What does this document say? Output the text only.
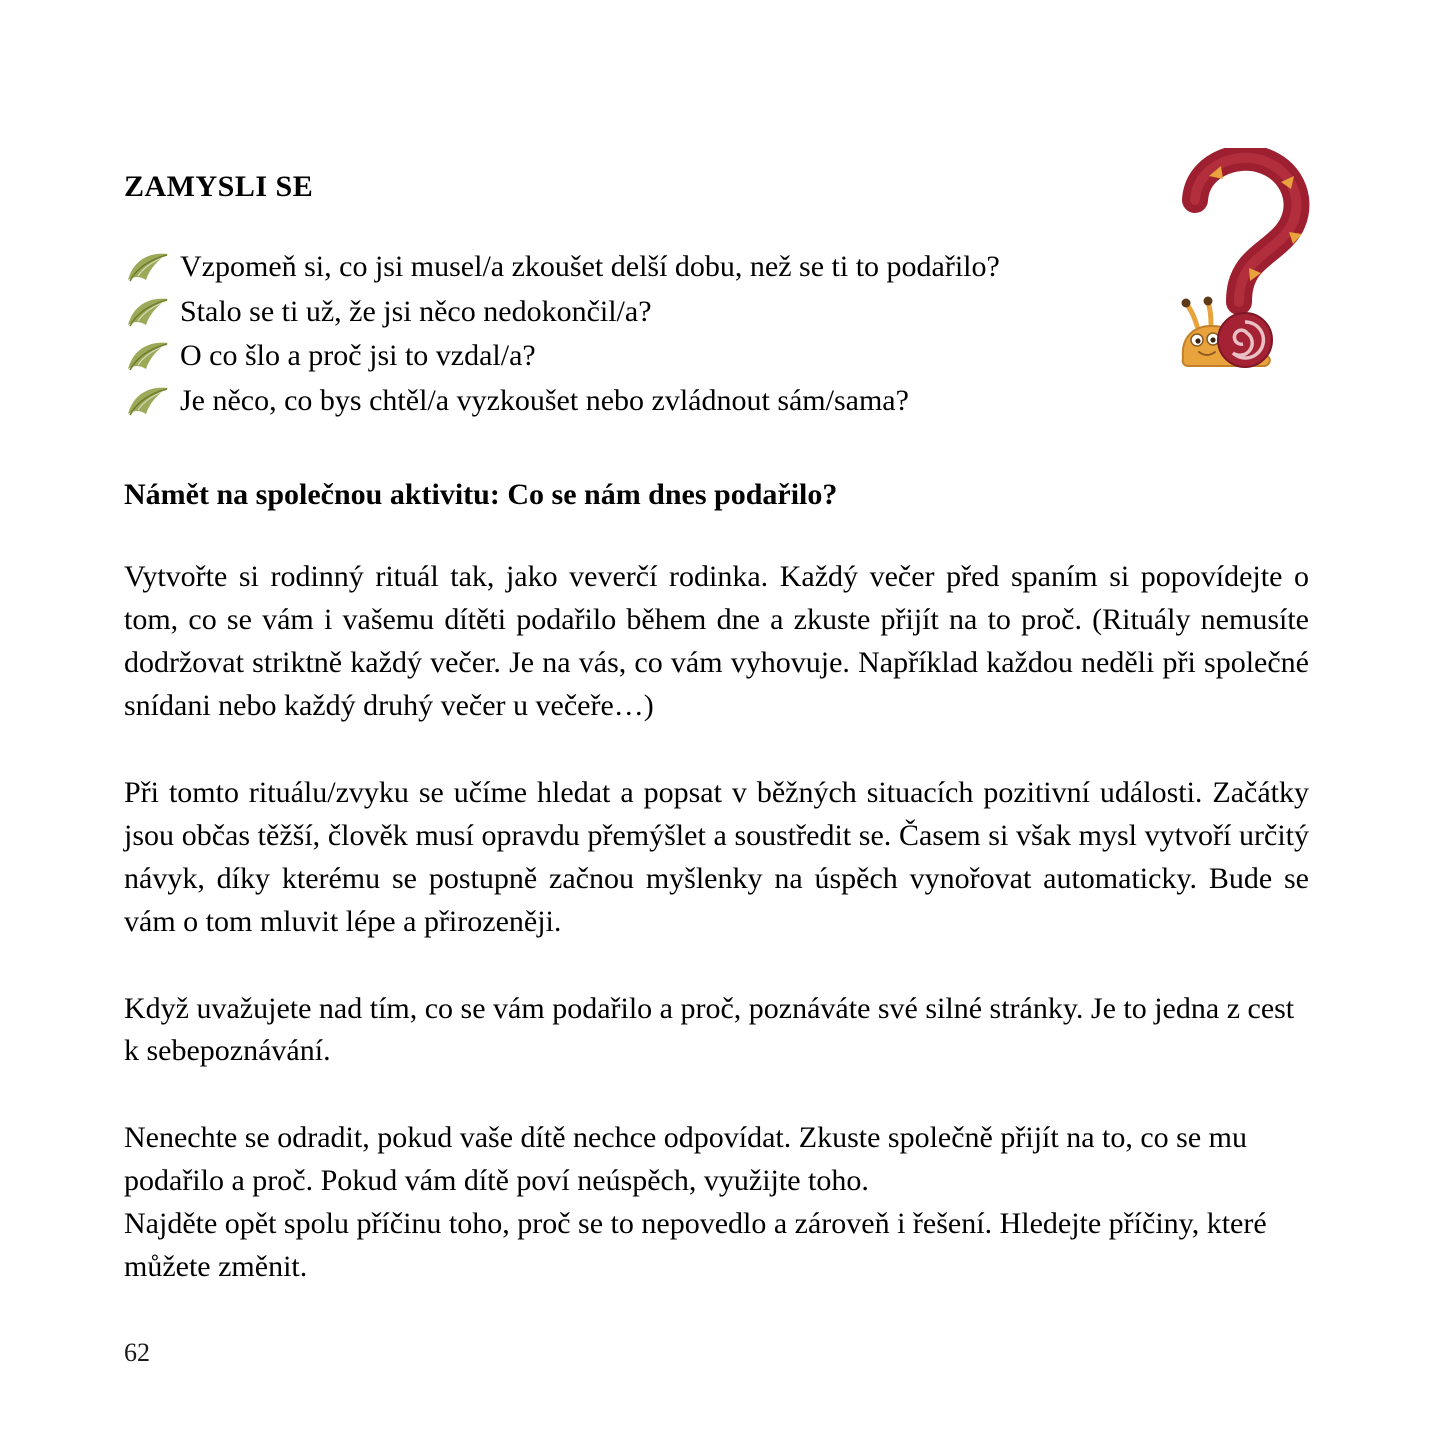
ZAMYSLI SE
Vzpomeň si, co jsi musel/a zkoušet delší dobu, než se ti to podařilo?
Stalo se ti už, že jsi něco nedokončil/a?
O co šlo a proč jsi to vzdal/a?
Je něco, co bys chtěl/a vyzkoušet nebo zvládnout sám/sama?
Námět na společnou aktivitu: Co se nám dnes podařilo?

Vytvořte si rodinný rituál tak, jako veverčí rodinka. Každý večer před spaním si popovídejte o tom, co se vám i vašemu dítěti podařilo během dne a zkuste přijít na to proč. (Rituály nemusíte dodržovat striktně každý večer. Je na vás, co vám vyhovuje. Například každou neděli při společné snídani nebo každý druhý večer u večeře…)

Při tomto rituálu/zvyku se učíme hledat a popsat v běžných situacích pozitivní události. Začátky jsou občas těžší, člověk musí opravdu přemýšlet a soustředit se. Časem si však mysl vytvoří určitý návyk, díky kterému se postupně začnou myšlenky na úspěch vynořovat automaticky. Bude se vám o tom mluvit lépe a přirozeněji.

Když uvažujete nad tím, co se vám podařilo a proč, poznáváte své silné stránky. Je to jedna z cest k sebepoznávání.

Nenechte se odradit, pokud vaše dítě nechce odpovídat. Zkuste společně přijít na to, co se mu podařilo a proč. Pokud vám dítě poví neúspěch, využijte toho.

Najděte opět spolu příčinu toho, proč se to nepovedlo a zároveň i řešení. Hledejte příčiny, které můžete změnit.

62
